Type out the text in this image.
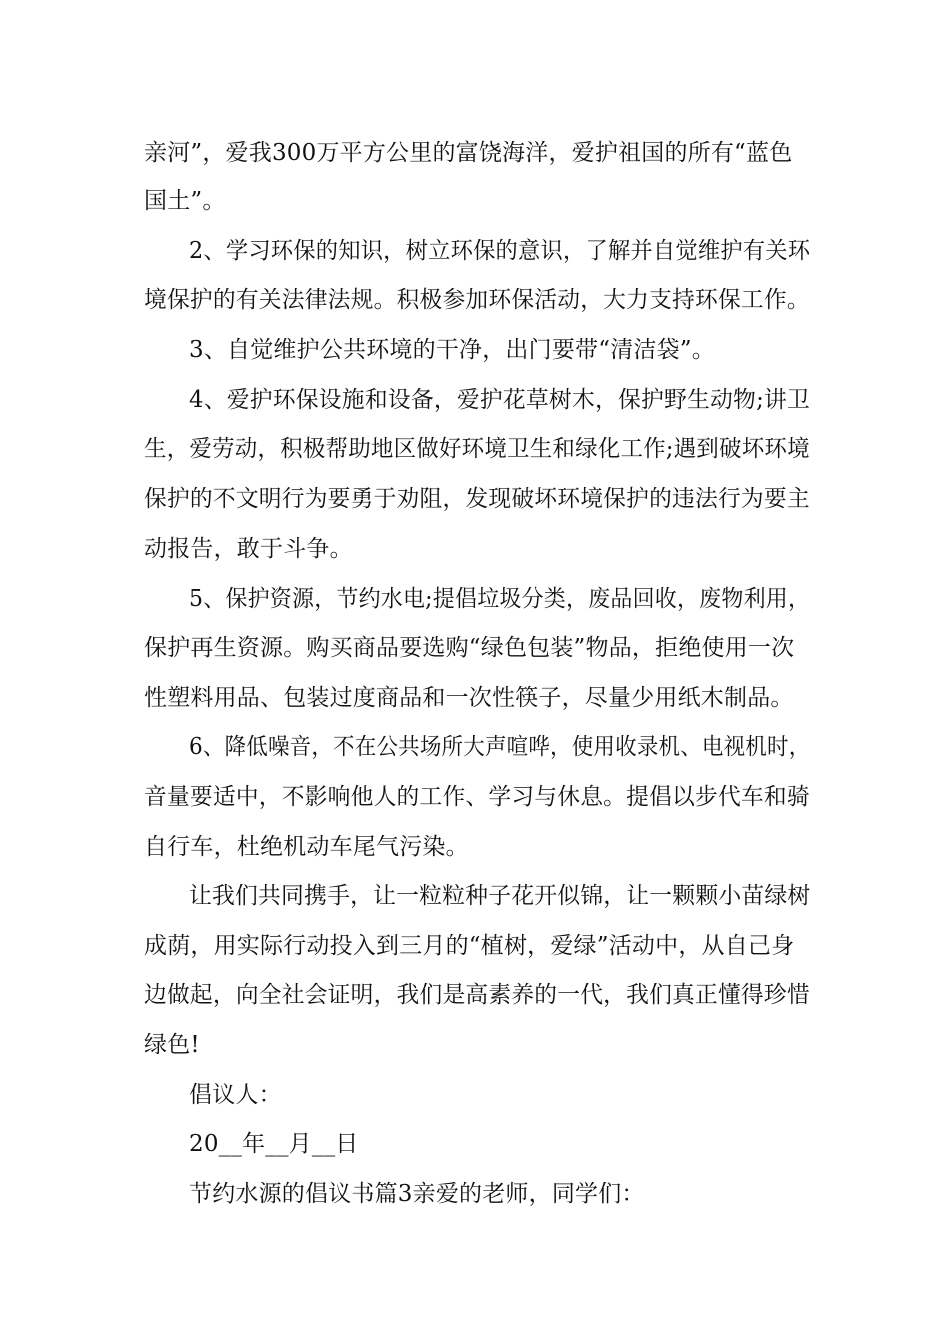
亲河”，爱我300万平方公里的富饶海洋，爱护祖国的所有“蓝色
国土”。
2、学习环保的知识，树立环保的意识，了解并自觉维护有关环
境保护的有关法律法规。积极参加环保活动，大力支持环保工作。
3、自觉维护公共环境的干净，出门要带“清洁袋”。
4、爱护环保设施和设备，爱护花草树木，保护野生动物;讲卫
生，爱劳动，积极帮助地区做好环境卫生和绿化工作;遇到破坏环境
保护的不文明行为要勇于劝阻，发现破坏环境保护的违法行为要主
动报告，敢于斗争。
5、保护资源，节约水电;提倡垃圾分类，废品回收，废物利用，
保护再生资源。购买商品要选购“绿色包装”物品，拒绝使用一次
性塑料用品、包装过度商品和一次性筷子，尽量少用纸木制品。
6、降低噪音，不在公共场所大声喧哗，使用收录机、电视机时，
音量要适中，不影响他人的工作、学习与休息。提倡以步代车和骑
自行车，杜绝机动车尾气污染。
让我们共同携手，让一粒粒种子花开似锦，让一颗颗小苗绿树
成荫，用实际行动投入到三月的“植树，爱绿”活动中，从自己身
边做起，向全社会证明，我们是高素养的一代，我们真正懂得珍惜
绿色!
倡议人：
20__年__月__日
节约水源的倡议书篇3亲爱的老师，同学们：
